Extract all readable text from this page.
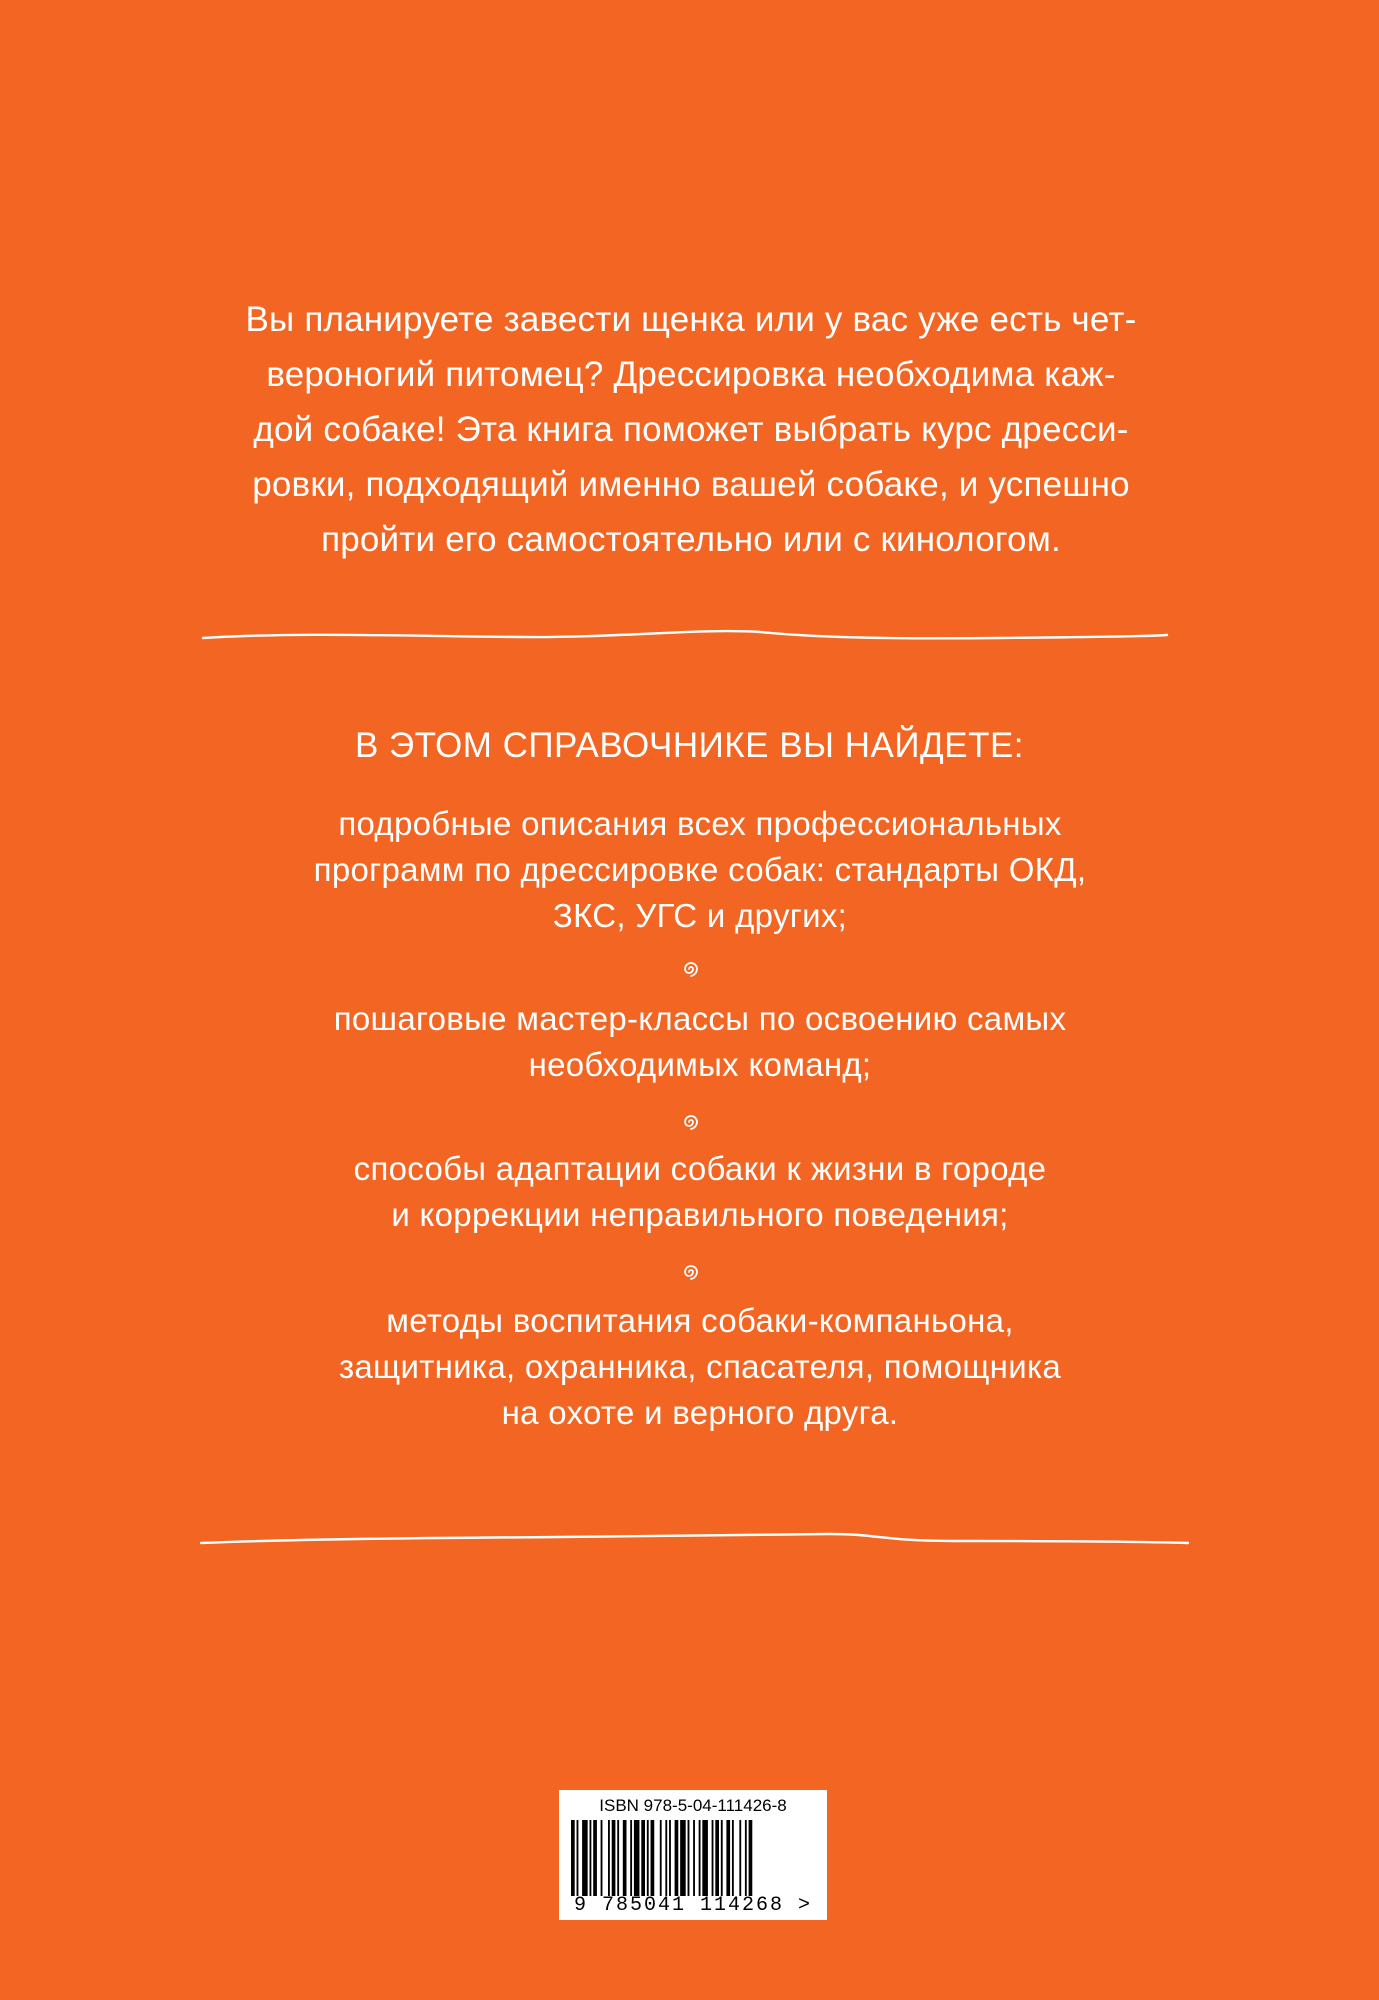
Вы планируете завести щенка или у вас уже есть чет-
вероногий питомец? Дрессировка необходима каж-
дой собаке! Эта книга поможет выбрать курс дресси-
ровки, подходящий именно вашей собаке, и успешно
пройти его самостоятельно или с кинологом.
В ЭТОМ СПРАВОЧНИКЕ ВЫ НАЙДЕТЕ:
подробные описания всех профессиональных
программ по дрессировке собак: стандарты ОКД,
ЗКС, УГС и других;
пошаговые мастер-классы по освоению самых
необходимых команд;
способы адаптации собаки к жизни в городе
и коррекции неправильного поведения;
методы воспитания собаки-компаньона,
защитника, охранника, спасателя, помощника
на охоте и верного друга.
ISBN 978-5-04-111426-8
9 785041 114268 >
